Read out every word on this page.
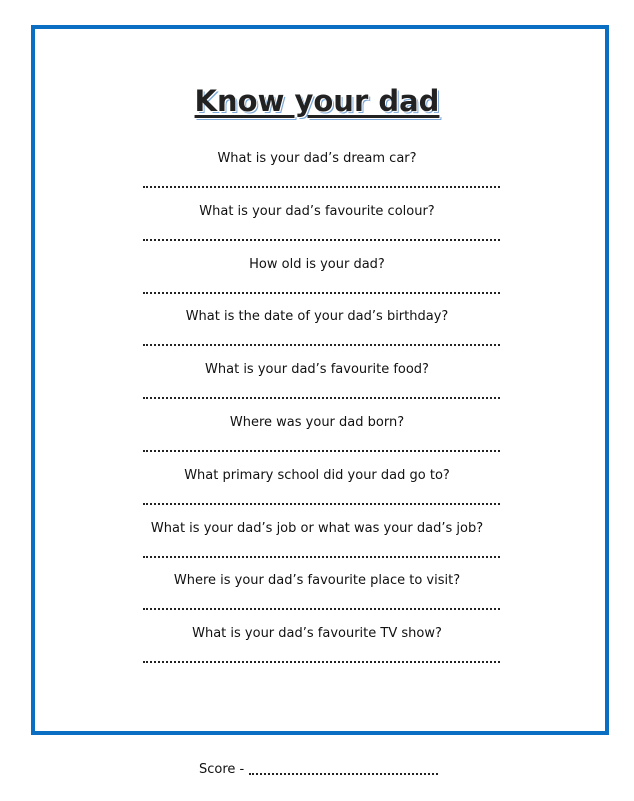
Know your dad
What is your dad’s dream car?
What is your dad’s favourite colour?
How old is your dad?
What is the date of your dad’s birthday?
What is your dad’s favourite food?
Where was your dad born?
What primary school did your dad go to?
What is your dad’s job or what was your dad’s job?
Where is your dad’s favourite place to visit?
What is your dad’s favourite TV show?
Score -
